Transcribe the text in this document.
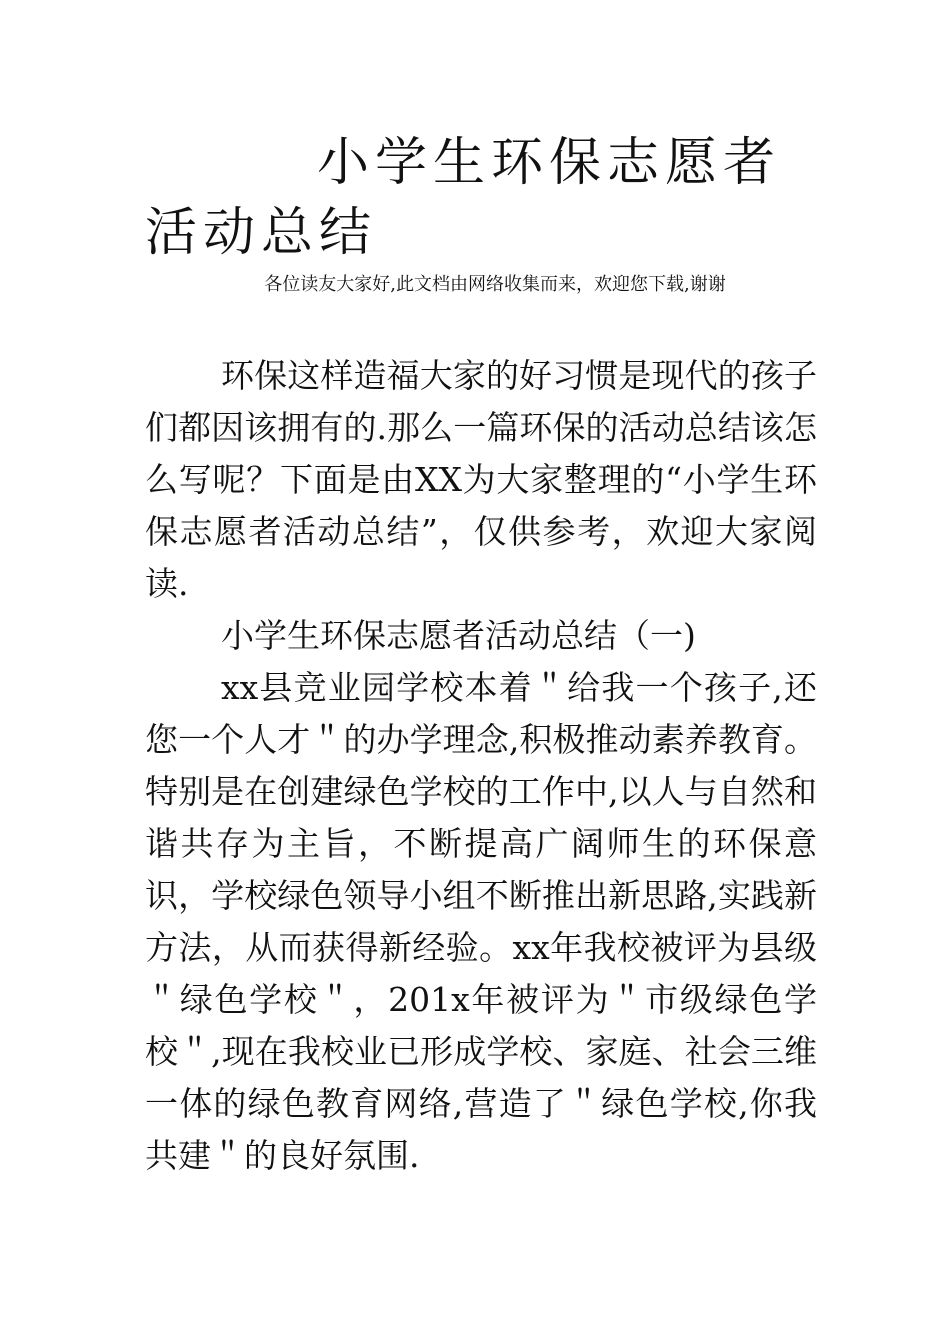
小学生环保志愿者活动总结

各位读友大家好,此文档由网络收集而来，欢迎您下载,谢谢

环保这样造福大家的好习惯是现代的孩子们都因该拥有的.那么一篇环保的活动总结该怎么写呢？下面是由XX为大家整理的“小学生环保志愿者活动总结”，仅供参考，欢迎大家阅读.

小学生环保志愿者活动总结（一)

xx县竞业园学校本着＂给我一个孩子,还您一个人才＂的办学理念,积极推动素养教育。特别是在创建绿色学校的工作中,以人与自然和谐共存为主旨，不断提高广阔师生的环保意识，学校绿色领导小组不断推出新思路,实践新方法，从而获得新经验。xx年我校被评为县级＂绿色学校＂，201x年被评为＂市级绿色学校＂,现在我校业已形成学校、家庭、社会三维一体的绿色教育网络,营造了＂绿色学校,你我共建＂的良好氛围.
